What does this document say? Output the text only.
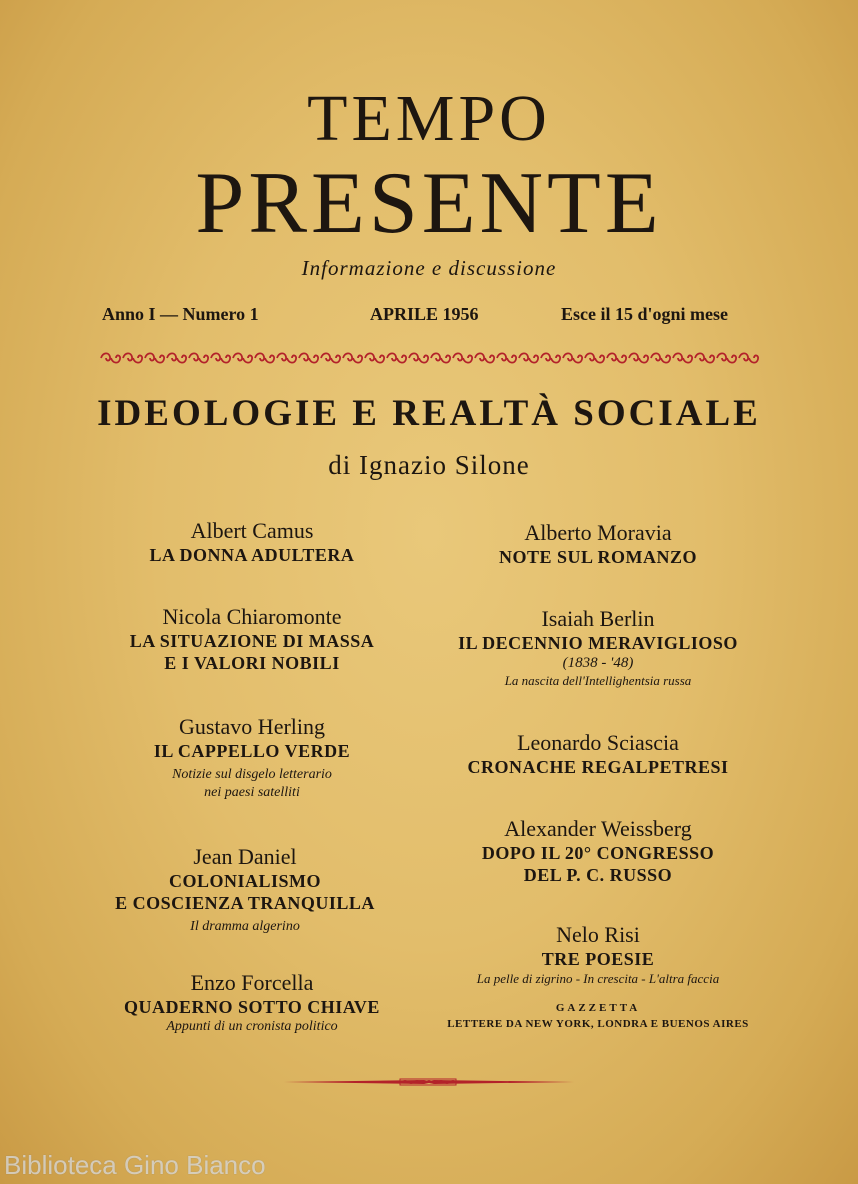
TEMPO
PRESENTE
Informazione e discussione
Anno I — Numero 1	APRILE 1956	Esce il 15 d'ogni mese
IDEOLOGIE E REALTÀ SOCIALE
di Ignazio Silone
Albert Camus
LA DONNA ADULTERA
Nicola Chiaromonte
LA SITUAZIONE DI MASSA
E I VALORI NOBILI
Gustavo Herling
IL CAPPELLO VERDE
Notizie sul disgelo letterario
nei paesi satelliti
Jean Daniel
COLONIALISMO
E COSCIENZA TRANQUILLA
Il dramma algerino
Enzo Forcella
QUADERNO SOTTO CHIAVE
Appunti di un cronista politico
Alberto Moravia
NOTE SUL ROMANZO
Isaiah Berlin
IL DECENNIO MERAVIGLIOSO
(1838 - '48)
La nascita dell'Intellighentsia russa
Leonardo Sciascia
CRONACHE REGALPETRESI
Alexander Weissberg
DOPO IL 20° CONGRESSO
DEL P. C. RUSSO
Nelo Risi
TRE POESIE
La pelle di zigrino - In crescita - L'altra faccia
GAZZETTA
LETTERE DA NEW YORK, LONDRA E BUENOS AIRES
Biblioteca Gino Bianco
